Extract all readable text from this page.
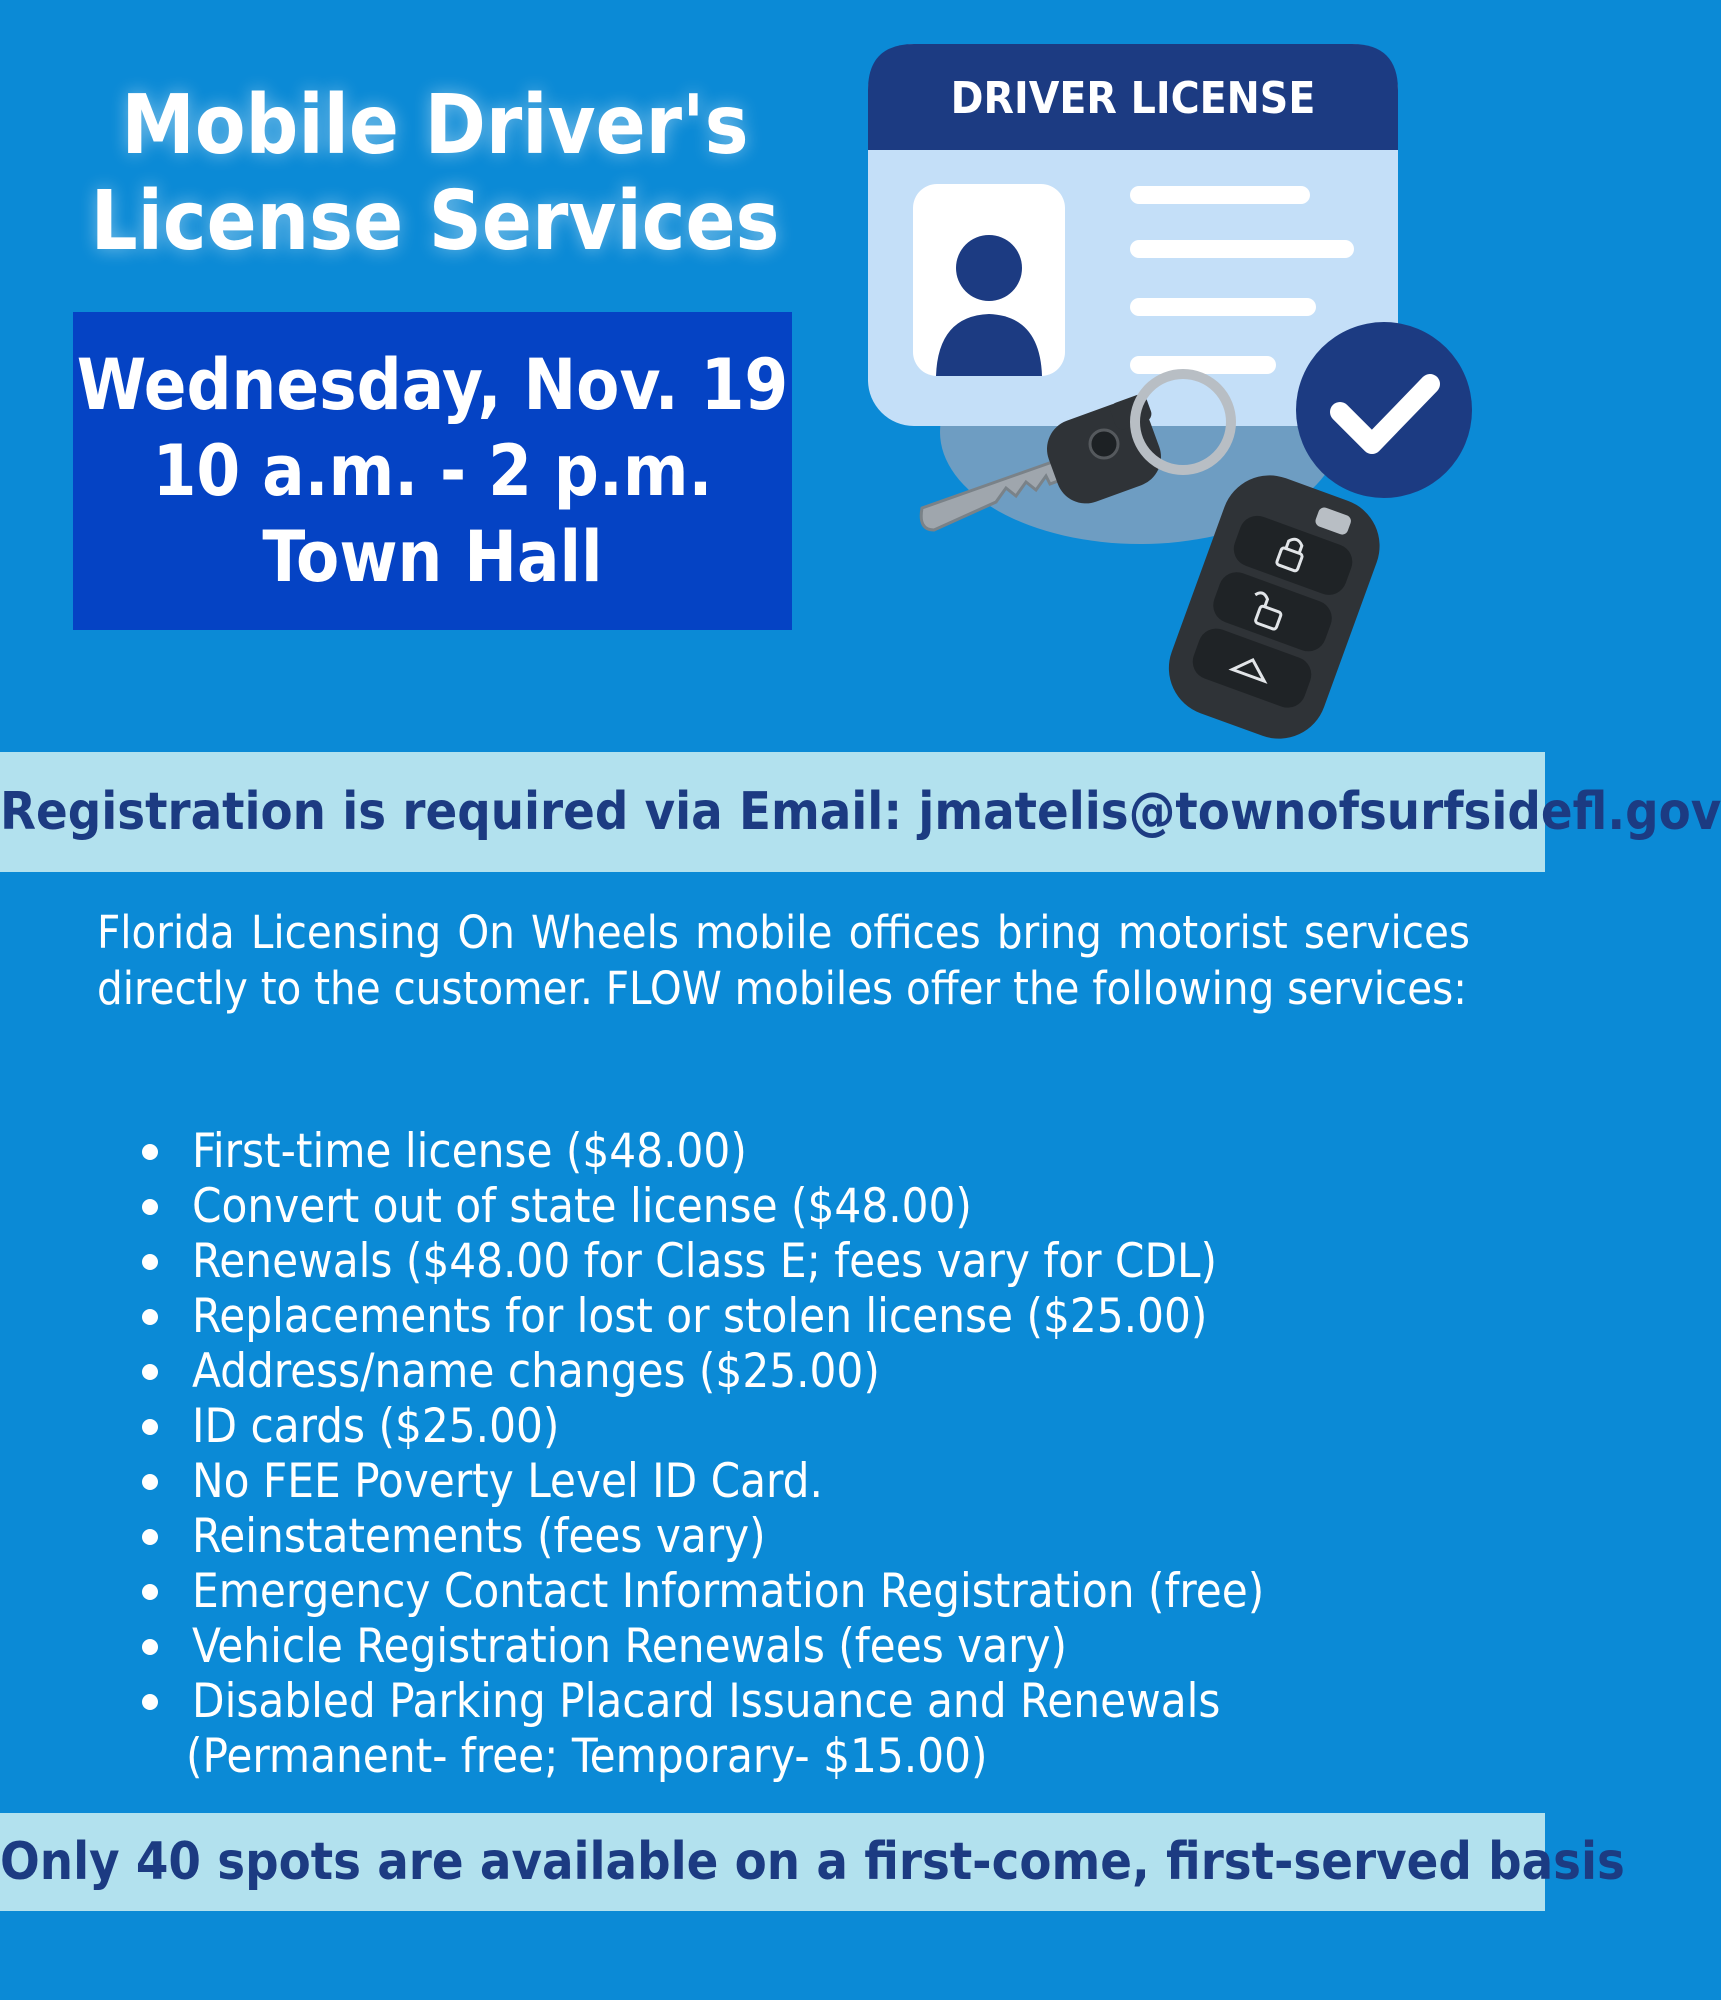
Mobile Driver's
License Services
Wednesday, Nov. 19
10 a.m. - 2 p.m.
Town Hall
DRIVER LICENSE
Registration is required via Email: jmatelis@townofsurfsidefl.gov
Florida Licensing On Wheels mobile offices bring motorist services directly to the customer. FLOW mobiles offer the following services:
First-time license ($48.00)
Convert out of state license ($48.00)
Renewals ($48.00 for Class E; fees vary for CDL)
Replacements for lost or stolen license ($25.00)
Address/name changes ($25.00)
ID cards ($25.00)
No FEE Poverty Level ID Card.
Reinstatements (fees vary)
Emergency Contact Information Registration (free)
Vehicle Registration Renewals (fees vary)
Disabled Parking Placard Issuance and Renewals
(Permanent- free; Temporary- $15.00)
Only 40 spots are available on a first-come, first-served basis
